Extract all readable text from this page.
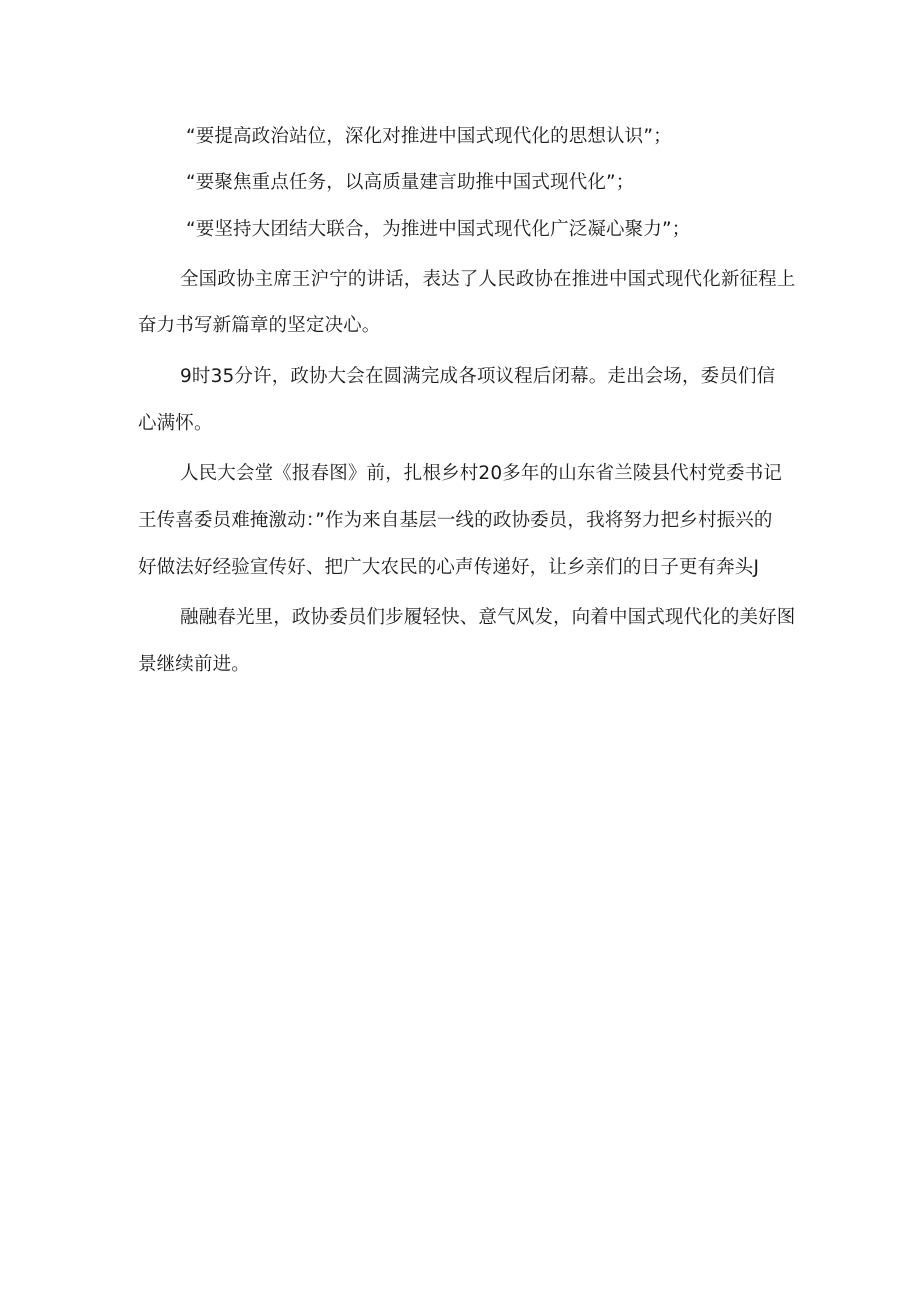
“要提高政治站位，深化对推进中国式现代化的思想认识”；
“要聚焦重点任务，以高质量建言助推中国式现代化”；
“要坚持大团结大联合，为推进中国式现代化广泛凝心聚力”；
全国政协主席王沪宁的讲话，表达了人民政协在推进中国式现代化新征程上
奋力书写新篇章的坚定决心。
9时35分许，政协大会在圆满完成各项议程后闭幕。走出会场，委员们信
心满怀。
人民大会堂《报春图》前，扎根乡村20多年的山东省兰陵县代村党委书记
王传喜委员难掩激动：”作为来自基层一线的政协委员，我将努力把乡村振兴的
好做法好经验宣传好、把广大农民的心声传递好，让乡亲们的日子更有奔头J
融融春光里，政协委员们步履轻快、意气风发，向着中国式现代化的美好图
景继续前进。
